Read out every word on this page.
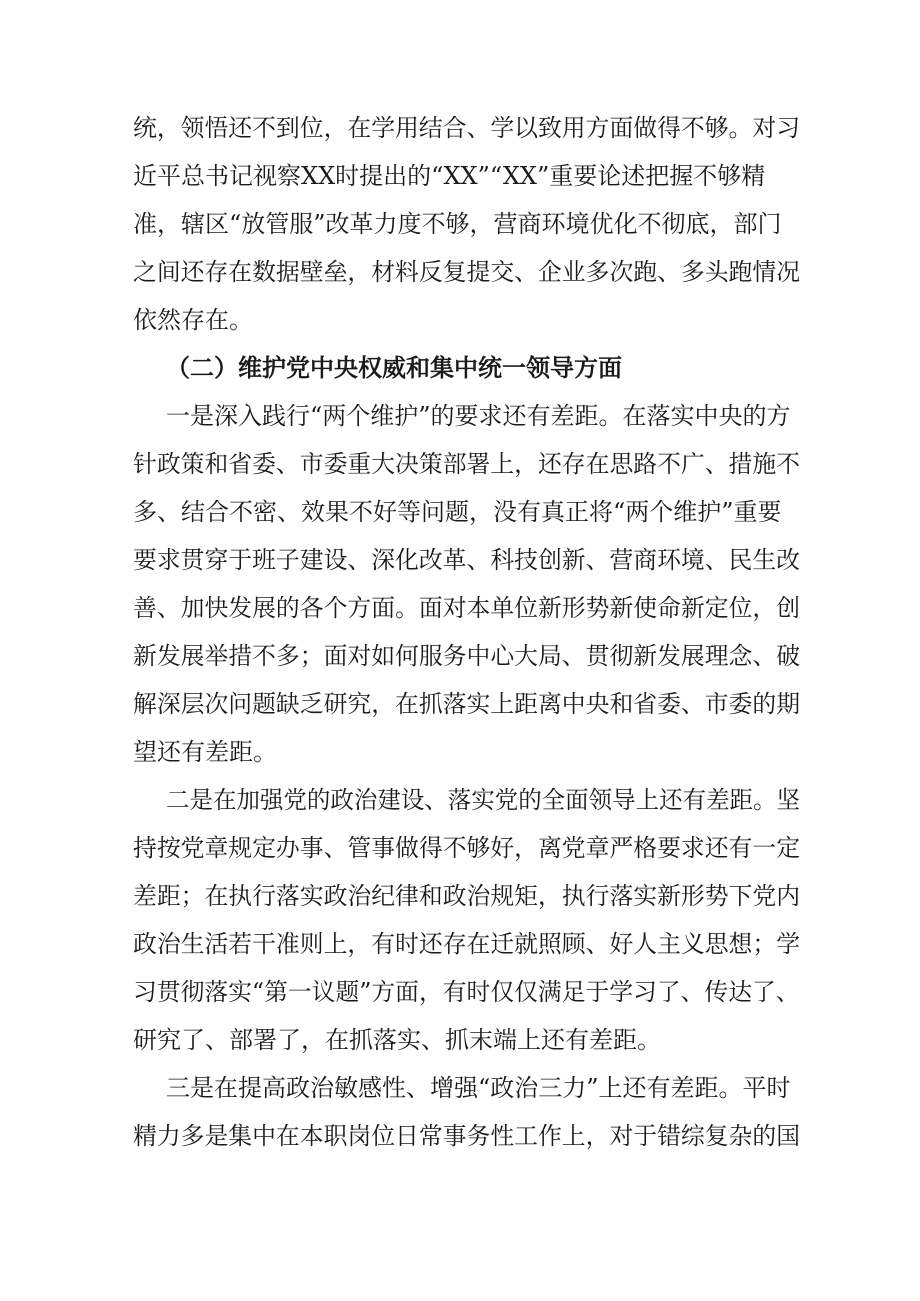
统，领悟还不到位，在学用结合、学以致用方面做得不够。对习
近平总书记视察XX时提出的“XX”“XX”重要论述把握不够精
准，辖区“放管服”改革力度不够，营商环境优化不彻底，部门
之间还存在数据壁垒，材料反复提交、企业多次跑、多头跑情况
依然存在。
（二）维护党中央权威和集中统一领导方面
一是深入践行“两个维护”的要求还有差距。在落实中央的方
针政策和省委、市委重大决策部署上，还存在思路不广、措施不
多、结合不密、效果不好等问题，没有真正将“两个维护”重要
要求贯穿于班子建设、深化改革、科技创新、营商环境、民生改
善、加快发展的各个方面。面对本单位新形势新使命新定位，创
新发展举措不多；面对如何服务中心大局、贯彻新发展理念、破
解深层次问题缺乏研究，在抓落实上距离中央和省委、市委的期
望还有差距。
二是在加强党的政治建设、落实党的全面领导上还有差距。坚
持按党章规定办事、管事做得不够好，离党章严格要求还有一定
差距；在执行落实政治纪律和政治规矩，执行落实新形势下党内
政治生活若干准则上，有时还存在迁就照顾、好人主义思想；学
习贯彻落实“第一议题”方面，有时仅仅满足于学习了、传达了、
研究了、部署了，在抓落实、抓末端上还有差距。
三是在提高政治敏感性、增强“政治三力”上还有差距。平时
精力多是集中在本职岗位日常事务性工作上，对于错综复杂的国
